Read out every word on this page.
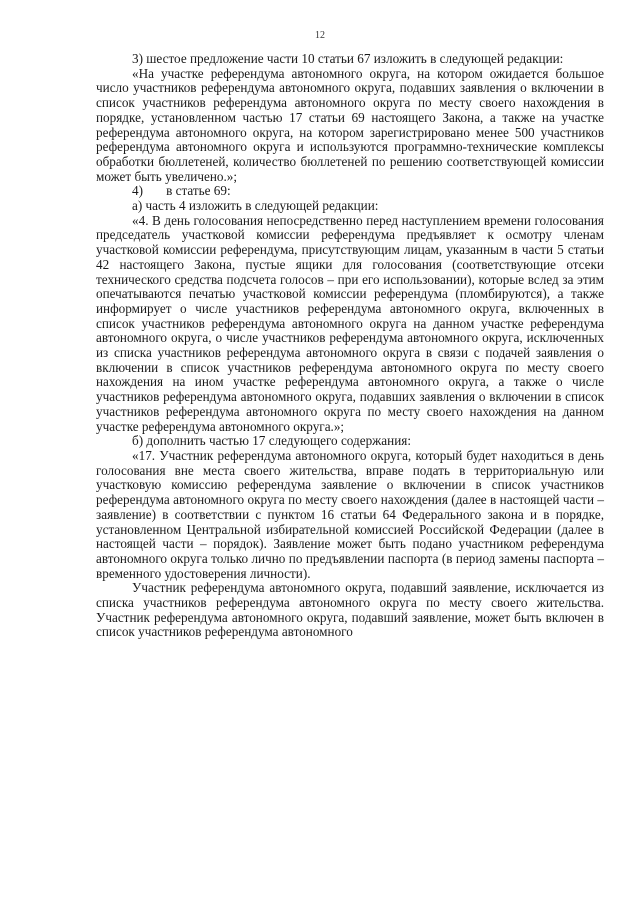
12

3) шестое предложение части 10 статьи 67 изложить в следующей редакции:

«На участке референдума автономного округа, на котором ожидается большое число участников референдума автономного округа, подавших заявления о включении в список участников референдума автономного округа по месту своего нахождения в порядке, установленном частью 17 статьи 69 настоящего Закона, а также на участке референдума автономного округа, на котором зарегистрировано менее 500 участников референдума автономного округа и используются программно-технические комплексы обработки бюллетеней, количество бюллетеней по решению соответствующей комиссии может быть увеличено.»;

4)       в статье 69:

а) часть 4 изложить в следующей редакции:

«4. В день голосования непосредственно перед наступлением времени голосования председатель участковой комиссии референдума предъявляет к осмотру членам участковой комиссии референдума, присутствующим лицам, указанным в части 5 статьи 42 настоящего Закона, пустые ящики для голосования (соответствующие отсеки технического средства подсчета голосов – при его использовании), которые вслед за этим опечатываются печатью участковой комиссии референдума (пломбируются), а также информирует о числе участников референдума автономного округа, включенных в список участников референдума автономного округа на данном участке референдума автономного округа, о числе участников референдума автономного округа, исключенных из списка участников референдума автономного округа в связи с подачей заявления о включении в список участников референдума автономного округа по месту своего нахождения на ином участке референдума автономного округа, а также о числе участников референдума автономного округа, подавших заявления о включении в список участников референдума автономного округа по месту своего нахождения на данном участке референдума автономного округа.»;

б) дополнить частью 17 следующего содержания:

«17. Участник референдума автономного округа, который будет находиться в день голосования вне места своего жительства, вправе подать в территориальную или участковую комиссию референдума заявление о включении в список участников референдума автономного округа по месту своего нахождения (далее в настоящей части – заявление) в соответствии с пунктом 16 статьи 64 Федерального закона и в порядке, установленном Центральной избирательной комиссией Российской Федерации (далее в настоящей части – порядок). Заявление может быть подано участником референдума автономного округа только лично по предъявлении паспорта (в период замены паспорта – временного удостоверения личности).

Участник референдума автономного округа, подавший заявление, исключается из списка участников референдума автономного округа по месту своего жительства. Участник референдума автономного округа, подавший заявление, может быть включен в список участников референдума автономного
